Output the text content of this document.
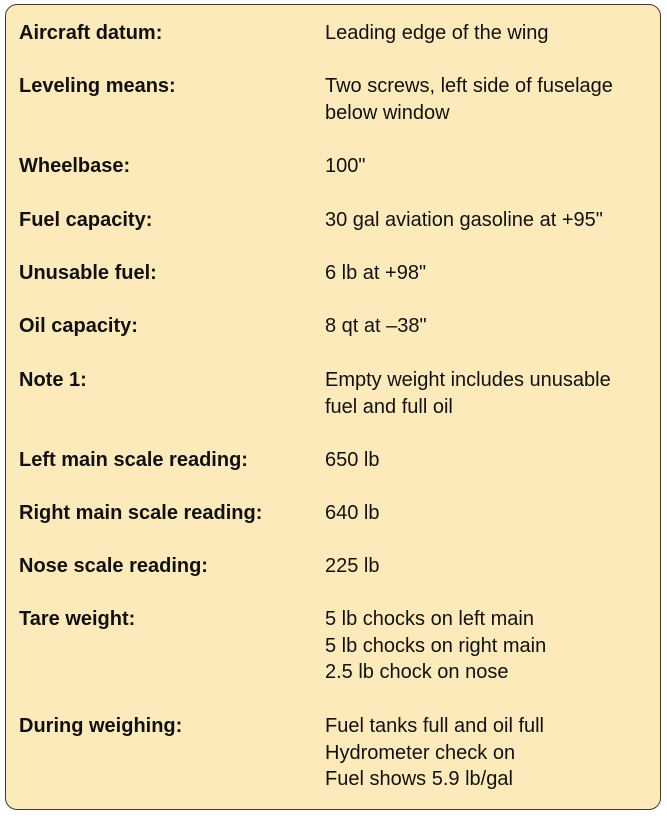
Aircraft datum:	Leading edge of the wing
Leveling means:	Two screws, left side of fuselage
below window
Wheelbase:	100"
Fuel capacity:	30 gal aviation gasoline at +95"
Unusable fuel:	6 lb at +98"
Oil capacity:	8 qt at –38"
Note 1:	Empty weight includes unusable
fuel and full oil
Left main scale reading:	650 lb
Right main scale reading:	640 lb
Nose scale reading:	225 lb
Tare weight:	5 lb chocks on left main
5 lb chocks on right main
2.5 lb chock on nose
During weighing:	Fuel tanks full and oil full
Hydrometer check on
Fuel shows 5.9 lb/gal
